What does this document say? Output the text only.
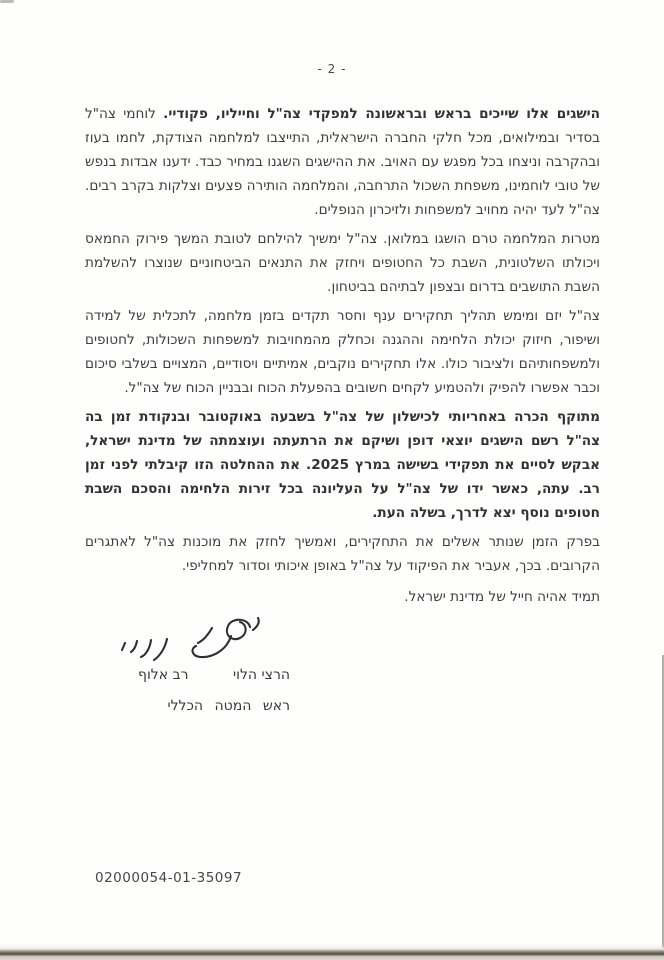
- 2 -

הישגים אלו שייכים בראש ובראשונה למפקדי צה"ל וחייליו, פקודיי. לוחמי צה"ל בסדיר ובמילואים, מכל חלקי החברה הישראלית, התייצבו למלחמה הצודקת, לחמו בעוז ובהקרבה וניצחו בכל מפגש עם האויב. את ההישגים השגנו במחיר כבד. ידענו אבדות בנפש של טובי לוחמינו, משפחת השכול התרחבה, והמלחמה הותירה פצעים וצלקות בקרב רבים. צה"ל לעד יהיה מחויב למשפחות ולזיכרון הנופלים.

מטרות המלחמה טרם הושגו במלואן. צה"ל ימשיך להילחם לטובת המשך פירוק החמאס ויכולתו השלטונית, השבת כל החטופים ויחזק את התנאים הביטחוניים שנוצרו להשלמת השבת התושבים בדרום ובצפון לבתיהם בביטחון.

צה"ל יזם ומימש תהליך תחקירים ענף וחסר תקדים בזמן מלחמה, לתכלית של למידה ושיפור, חיזוק יכולת הלחימה וההגנה וכחלק מהמחויבות למשפחות השכולות, לחטופים ולמשפחותיהם ולציבור כולו. אלו תחקירים נוקבים, אמיתיים ויסודיים, המצויים בשלבי סיכום וכבר אפשרו להפיק ולהטמיע לקחים חשובים בהפעלת הכוח ובבניין הכוח של צה"ל.

מתוקף הכרה באחריותי לכישלון של צה"ל בשבעה באוקטובר ובנקודת זמן בה צה"ל רשם הישגים יוצאי דופן ושיקם את הרתעתה ועוצמתה של מדינת ישראל, אבקש לסיים את תפקידי בשישה במרץ 2025. את ההחלטה הזו קיבלתי לפני זמן רב. עתה, כאשר ידו של צה"ל על העליונה בכל זירות הלחימה והסכם השבת חטופים נוסף יצא לדרך, בשלה העת.

בפרק הזמן שנותר אשלים את התחקירים, ואמשיך לחזק את מוכנות צה"ל לאתגרים הקרובים. בכך, אעביר את הפיקוד על צה"ל באופן איכותי וסדור למחליפי.

תמיד אהיה חייל של מדינת ישראל.
הרצי הלוי
רב אלוף
ראש המטה הכללי
02000054-01-35097
